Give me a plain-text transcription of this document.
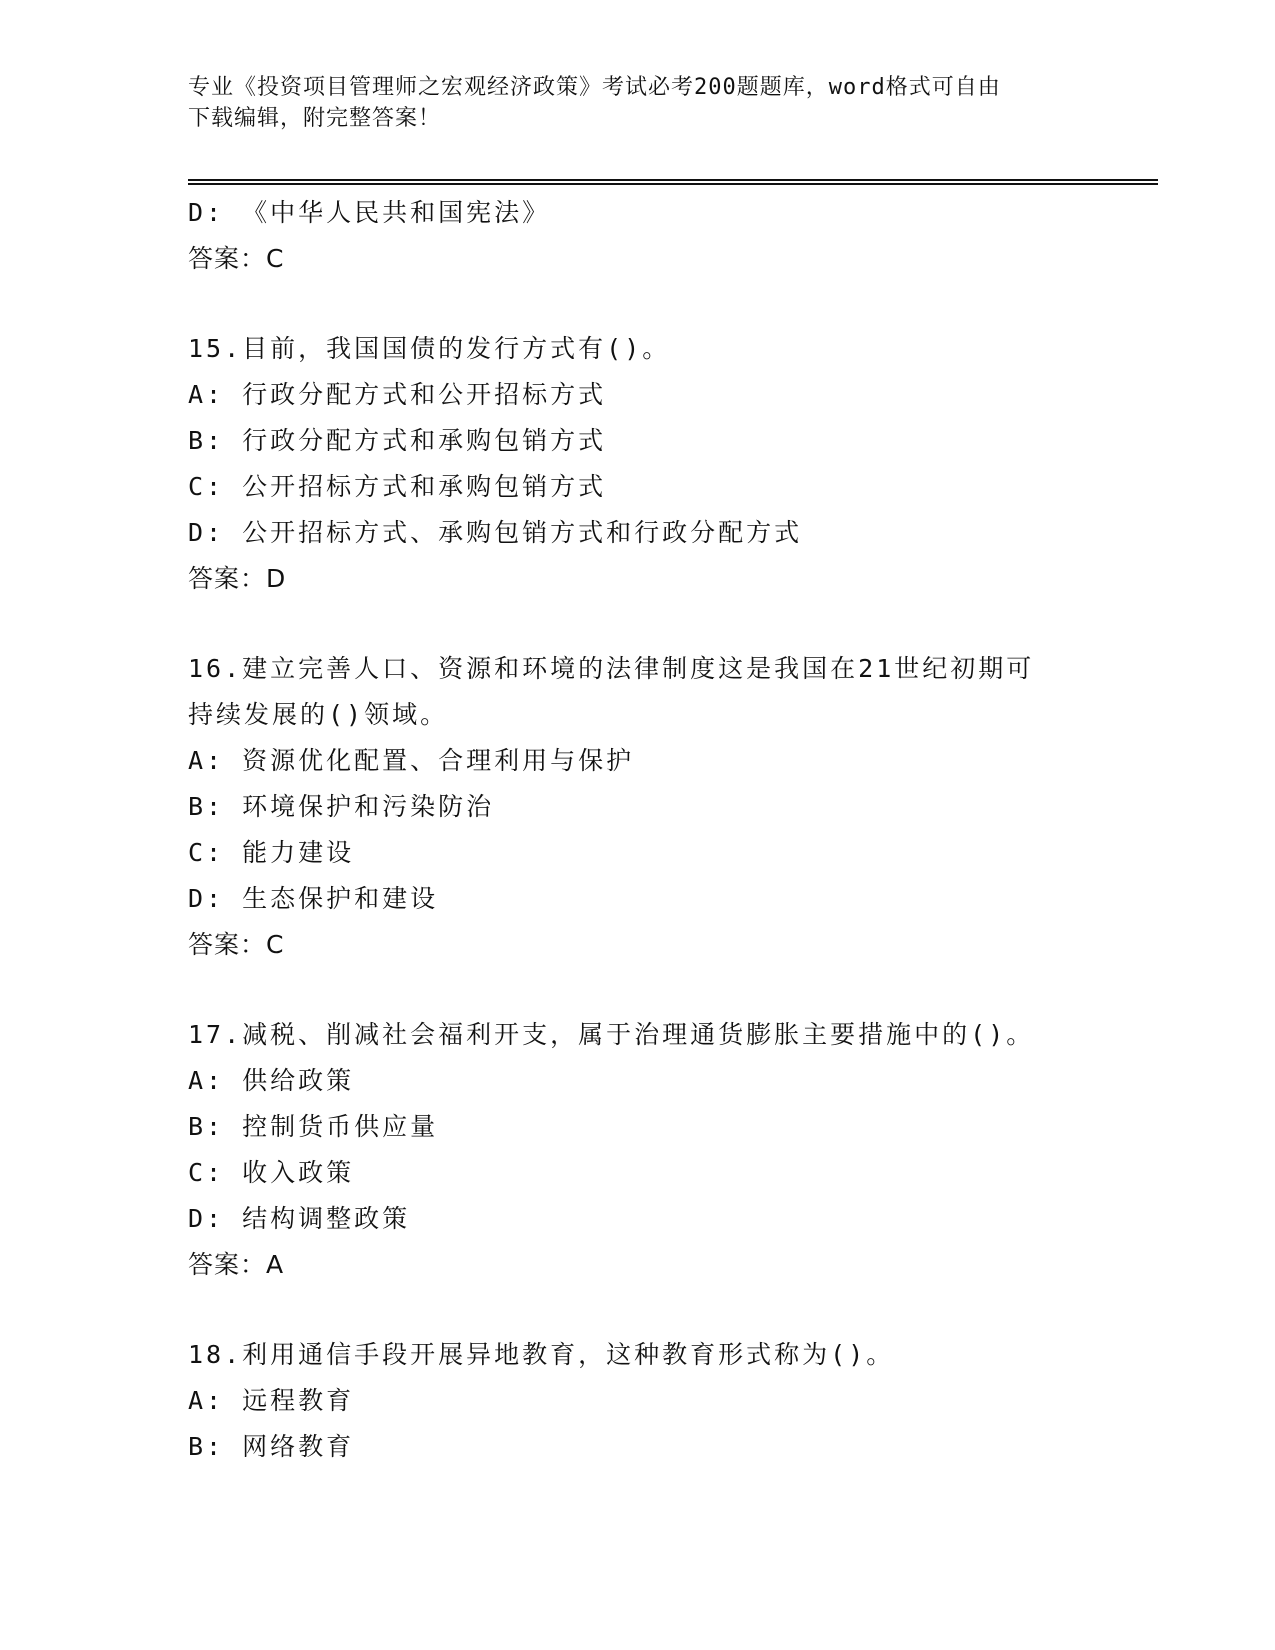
专业《投资项目管理师之宏观经济政策》考试必考200题题库，word格式可自由
下载编辑，附完整答案！
D: 《中华人民共和国宪法》
答案：C
15.目前，我国国债的发行方式有()。
A: 行政分配方式和公开招标方式
B: 行政分配方式和承购包销方式
C: 公开招标方式和承购包销方式
D: 公开招标方式、承购包销方式和行政分配方式
答案：D
16.建立完善人口、资源和环境的法律制度这是我国在21世纪初期可
持续发展的()领域。
A: 资源优化配置、合理利用与保护
B: 环境保护和污染防治
C: 能力建设
D: 生态保护和建设
答案：C
17.减税、削减社会福利开支，属于治理通货膨胀主要措施中的()。
A: 供给政策
B: 控制货币供应量
C: 收入政策
D: 结构调整政策
答案：A
18.利用通信手段开展异地教育，这种教育形式称为()。
A: 远程教育
B: 网络教育
